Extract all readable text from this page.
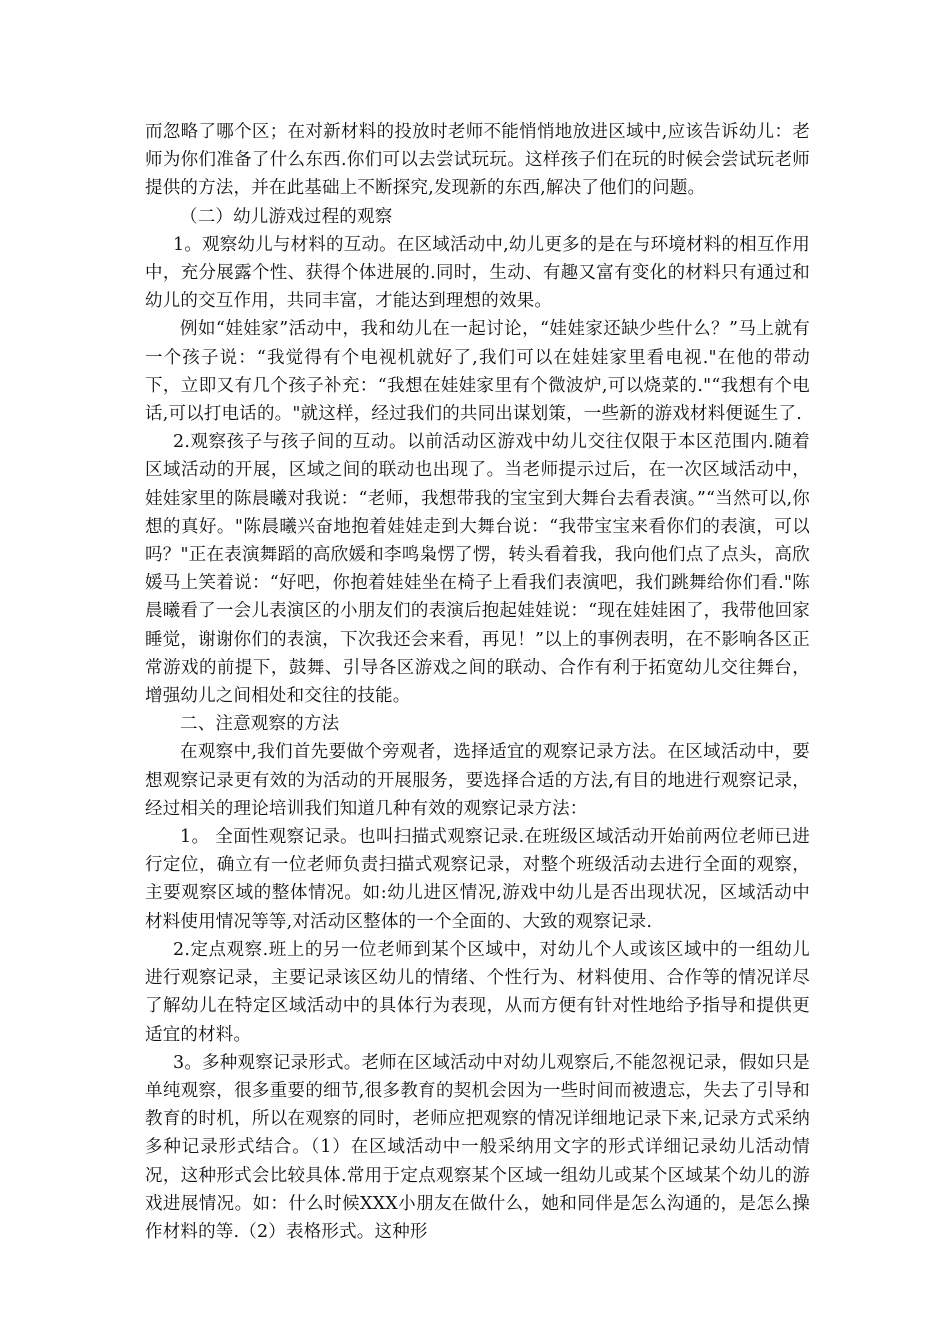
而忽略了哪个区；在对新材料的投放时老师不能悄悄地放进区域中,应该告诉幼儿：老师为你们准备了什么东西.你们可以去尝试玩玩。这样孩子们在玩的时候会尝试玩老师提供的方法，并在此基础上不断探究,发现新的东西,解决了他们的问题。

（二）幼儿游戏过程的观察

1。观察幼儿与材料的互动。在区域活动中,幼儿更多的是在与环境材料的相互作用中，充分展露个性、获得个体进展的.同时，生动、有趣又富有变化的材料只有通过和幼儿的交互作用，共同丰富，才能达到理想的效果。

例如“娃娃家”活动中，我和幼儿在一起讨论，“娃娃家还缺少些什么？”马上就有一个孩子说：“我觉得有个电视机就好了,我们可以在娃娃家里看电视."在他的带动下，立即又有几个孩子补充：“我想在娃娃家里有个微波炉,可以烧菜的."“我想有个电话,可以打电话的。"就这样，经过我们的共同出谋划策，一些新的游戏材料便诞生了.

2.观察孩子与孩子间的互动。以前活动区游戏中幼儿交往仅限于本区范围内.随着区域活动的开展，区域之间的联动也出现了。当老师提示过后，在一次区域活动中，娃娃家里的陈晨曦对我说：“老师，我想带我的宝宝到大舞台去看表演。”“当然可以,你想的真好。"陈晨曦兴奋地抱着娃娃走到大舞台说：“我带宝宝来看你们的表演，可以吗？"正在表演舞蹈的高欣媛和李鸣枭愣了愣，转头看着我，我向他们点了点头，高欣媛马上笑着说：“好吧，你抱着娃娃坐在椅子上看我们表演吧，我们跳舞给你们看."陈晨曦看了一会儿表演区的小朋友们的表演后抱起娃娃说：“现在娃娃困了，我带他回家睡觉，谢谢你们的表演，下次我还会来看，再见！”以上的事例表明，在不影响各区正常游戏的前提下，鼓舞、引导各区游戏之间的联动、合作有利于拓宽幼儿交往舞台，增强幼儿之间相处和交往的技能。

二、注意观察的方法

在观察中,我们首先要做个旁观者，选择适宜的观察记录方法。在区域活动中，要想观察记录更有效的为活动的开展服务，要选择合适的方法,有目的地进行观察记录，经过相关的理论培训我们知道几种有效的观察记录方法：

1。 全面性观察记录。也叫扫描式观察记录.在班级区域活动开始前两位老师已进行定位，确立有一位老师负责扫描式观察记录，对整个班级活动去进行全面的观察，主要观察区域的整体情况。如:幼儿进区情况,游戏中幼儿是否出现状况，区域活动中材料使用情况等等,对活动区整体的一个全面的、大致的观察记录.

2.定点观察.班上的另一位老师到某个区域中，对幼儿个人或该区域中的一组幼儿进行观察记录，主要记录该区幼儿的情绪、个性行为、材料使用、合作等的情况详尽了解幼儿在特定区域活动中的具体行为表现，从而方便有针对性地给予指导和提供更适宜的材料。

3。多种观察记录形式。老师在区域活动中对幼儿观察后,不能忽视记录，假如只是单纯观察，很多重要的细节,很多教育的契机会因为一些时间而被遗忘，失去了引导和教育的时机，所以在观察的同时，老师应把观察的情况详细地记录下来,记录方式采纳多种记录形式结合。（1）在区域活动中一般采纳用文字的形式详细记录幼儿活动情况，这种形式会比较具体.常用于定点观察某个区域一组幼儿或某个区域某个幼儿的游戏进展情况。如：什么时候XXX小朋友在做什么，她和同伴是怎么沟通的，是怎么操作材料的等.（2）表格形式。这种形
